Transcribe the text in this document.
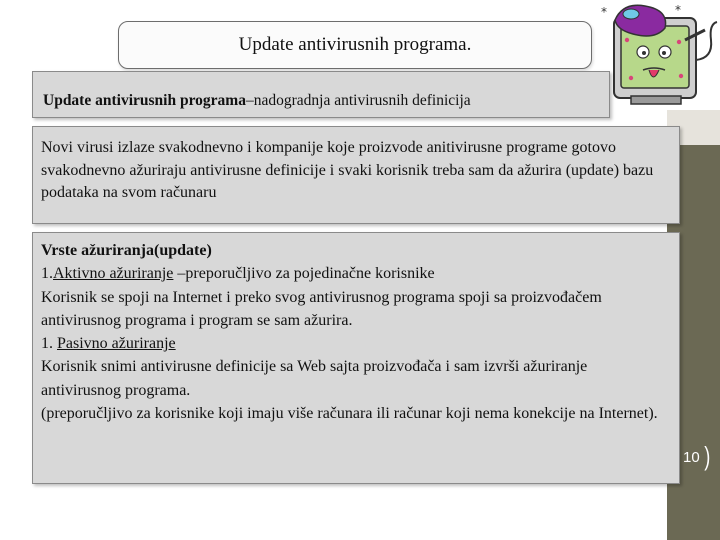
Update antivirusnih programa.
*	*
Update antivirusnih programa–nadogradnja antivirusnih definicija
Novi virusi izlaze svakodnevno i kompanije koje proizvode anitivirusne programe gotovo svakodnevno ažuriraju antivirusne definicije i svaki korisnik treba sam da ažurira (update) bazu podataka na svom računaru
Vrste ažuriranja(update)
1.Aktivno ažuriranje –preporučljivo za pojedinačne korisnike
Korisnik se spoji na Internet i preko svog antivirusnog programa spoji sa proizvođačem antivirusnog programa i program se sam ažurira.
1. Pasivno ažuriranje
Korisnik snimi antivirusne definicije sa Web sajta proizvođača i sam izvrši ažuriranje antivirusnog programa.
(preporučljivo za korisnike koji imaju više računara ili računar koji nema konekcije na Internet).
10 )
